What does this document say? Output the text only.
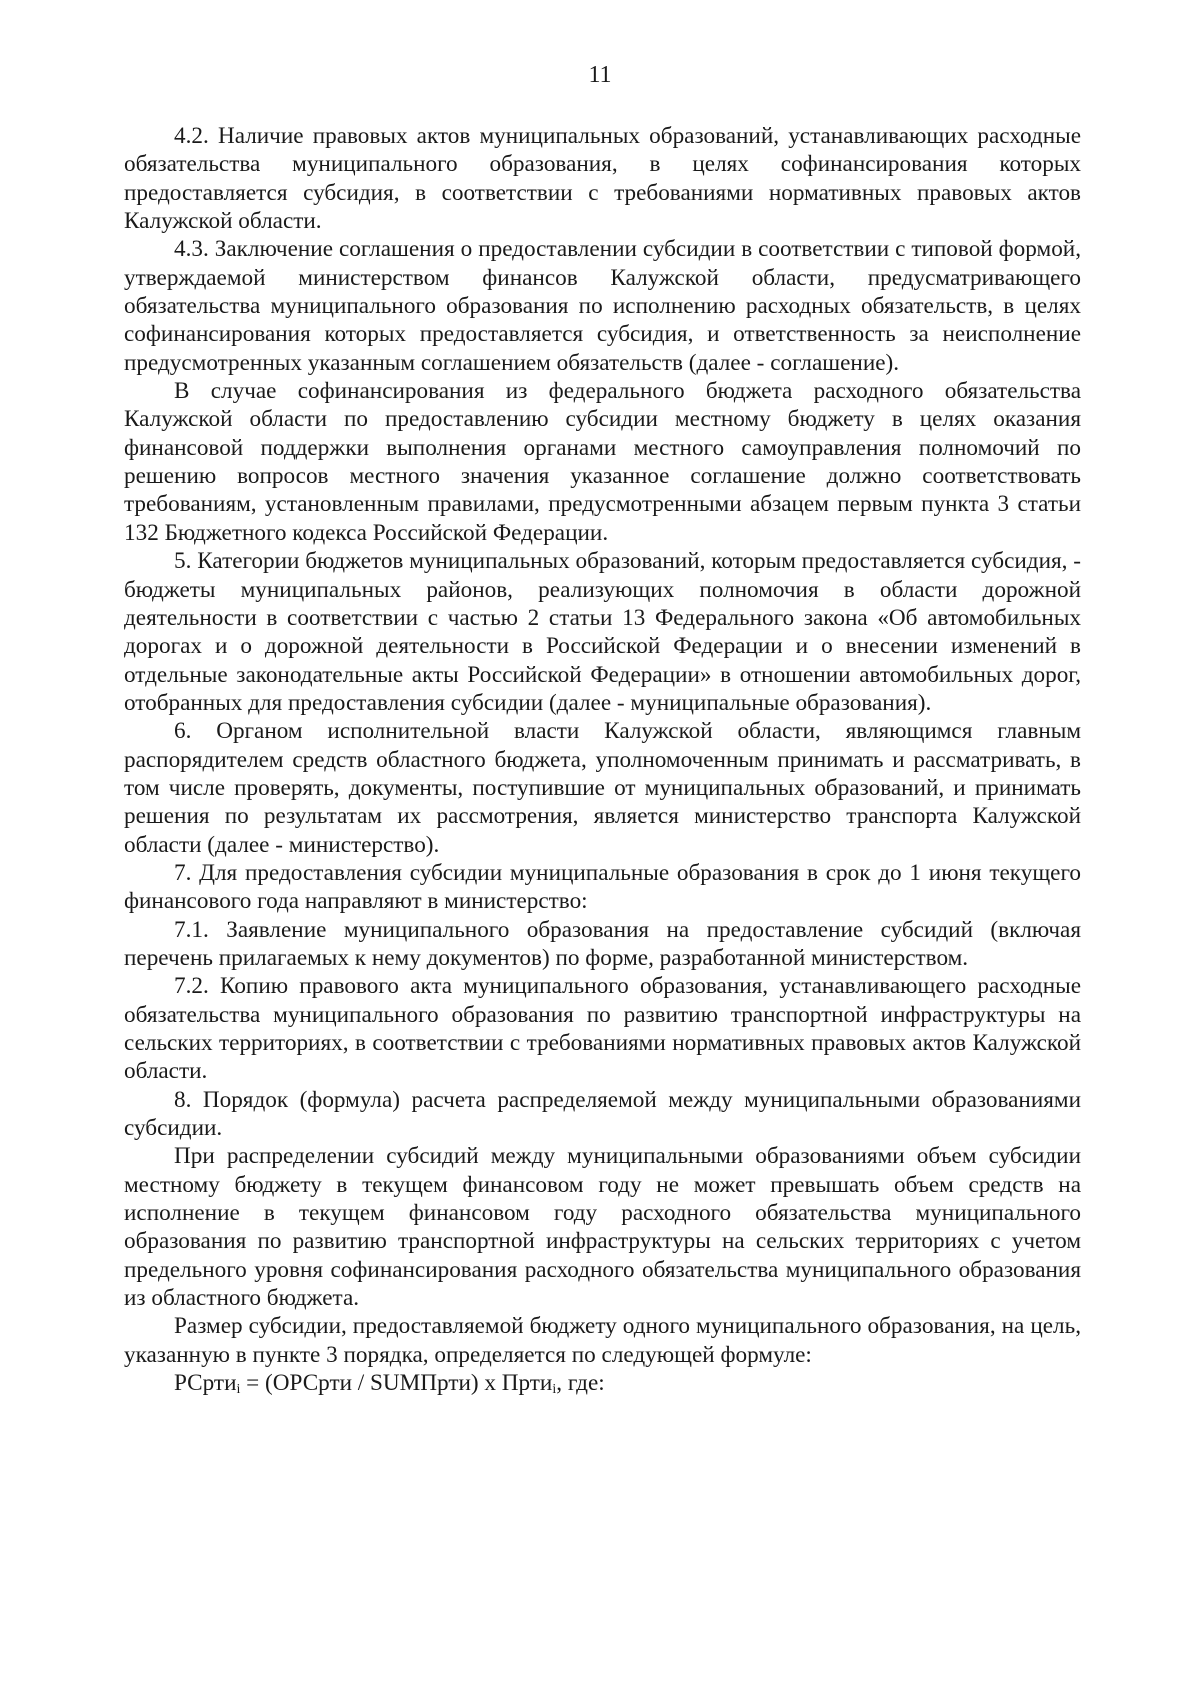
11

4.2. Наличие правовых актов муниципальных образований, устанавливающих расходные обязательства муниципального образования, в целях софинансирования которых предоставляется субсидия, в соответствии с требованиями нормативных правовых актов Калужской области.

4.3. Заключение соглашения о предоставлении субсидии в соответствии с типовой формой, утверждаемой министерством финансов Калужской области, предусматривающего обязательства муниципального образования по исполнению расходных обязательств, в целях софинансирования которых предоставляется субсидия, и ответственность за неисполнение предусмотренных указанным соглашением обязательств (далее - соглашение).

В случае софинансирования из федерального бюджета расходного обязательства Калужской области по предоставлению субсидии местному бюджету в целях оказания финансовой поддержки выполнения органами местного самоуправления полномочий по решению вопросов местного значения указанное соглашение должно соответствовать требованиям, установленным правилами, предусмотренными абзацем первым пункта 3 статьи 132 Бюджетного кодекса Российской Федерации.

5. Категории бюджетов муниципальных образований, которым предоставляется субсидия, - бюджеты муниципальных районов, реализующих полномочия в области дорожной деятельности в соответствии с частью 2 статьи 13 Федерального закона «Об автомобильных дорогах и о дорожной деятельности в Российской Федерации и о внесении изменений в отдельные законодательные акты Российской Федерации» в отношении автомобильных дорог, отобранных для предоставления субсидии (далее - муниципальные образования).

6. Органом исполнительной власти Калужской области, являющимся главным распорядителем средств областного бюджета, уполномоченным принимать и рассматривать, в том числе проверять, документы, поступившие от муниципальных образований, и принимать решения по результатам их рассмотрения, является министерство транспорта Калужской области (далее - министерство).

7. Для предоставления субсидии муниципальные образования в срок до 1 июня текущего финансового года направляют в министерство:

7.1. Заявление муниципального образования на предоставление субсидий (включая перечень прилагаемых к нему документов) по форме, разработанной министерством.

7.2. Копию правового акта муниципального образования, устанавливающего расходные обязательства муниципального образования по развитию транспортной инфраструктуры на сельских территориях, в соответствии с требованиями нормативных правовых актов Калужской области.

8. Порядок (формула) расчета распределяемой между муниципальными образованиями субсидии.

При распределении субсидий между муниципальными образованиями объем субсидии местному бюджету в текущем финансовом году не может превышать объем средств на исполнение в текущем финансовом году расходного обязательства муниципального образования по развитию транспортной инфраструктуры на сельских территориях с учетом предельного уровня софинансирования расходного обязательства муниципального образования из областного бюджета.

Размер субсидии, предоставляемой бюджету одного муниципального образования, на цель, указанную в пункте 3 порядка, определяется по следующей формуле:

РСрти$_i$ = (ОРСрти / SUMПрти) х Прти$_i$, где:
